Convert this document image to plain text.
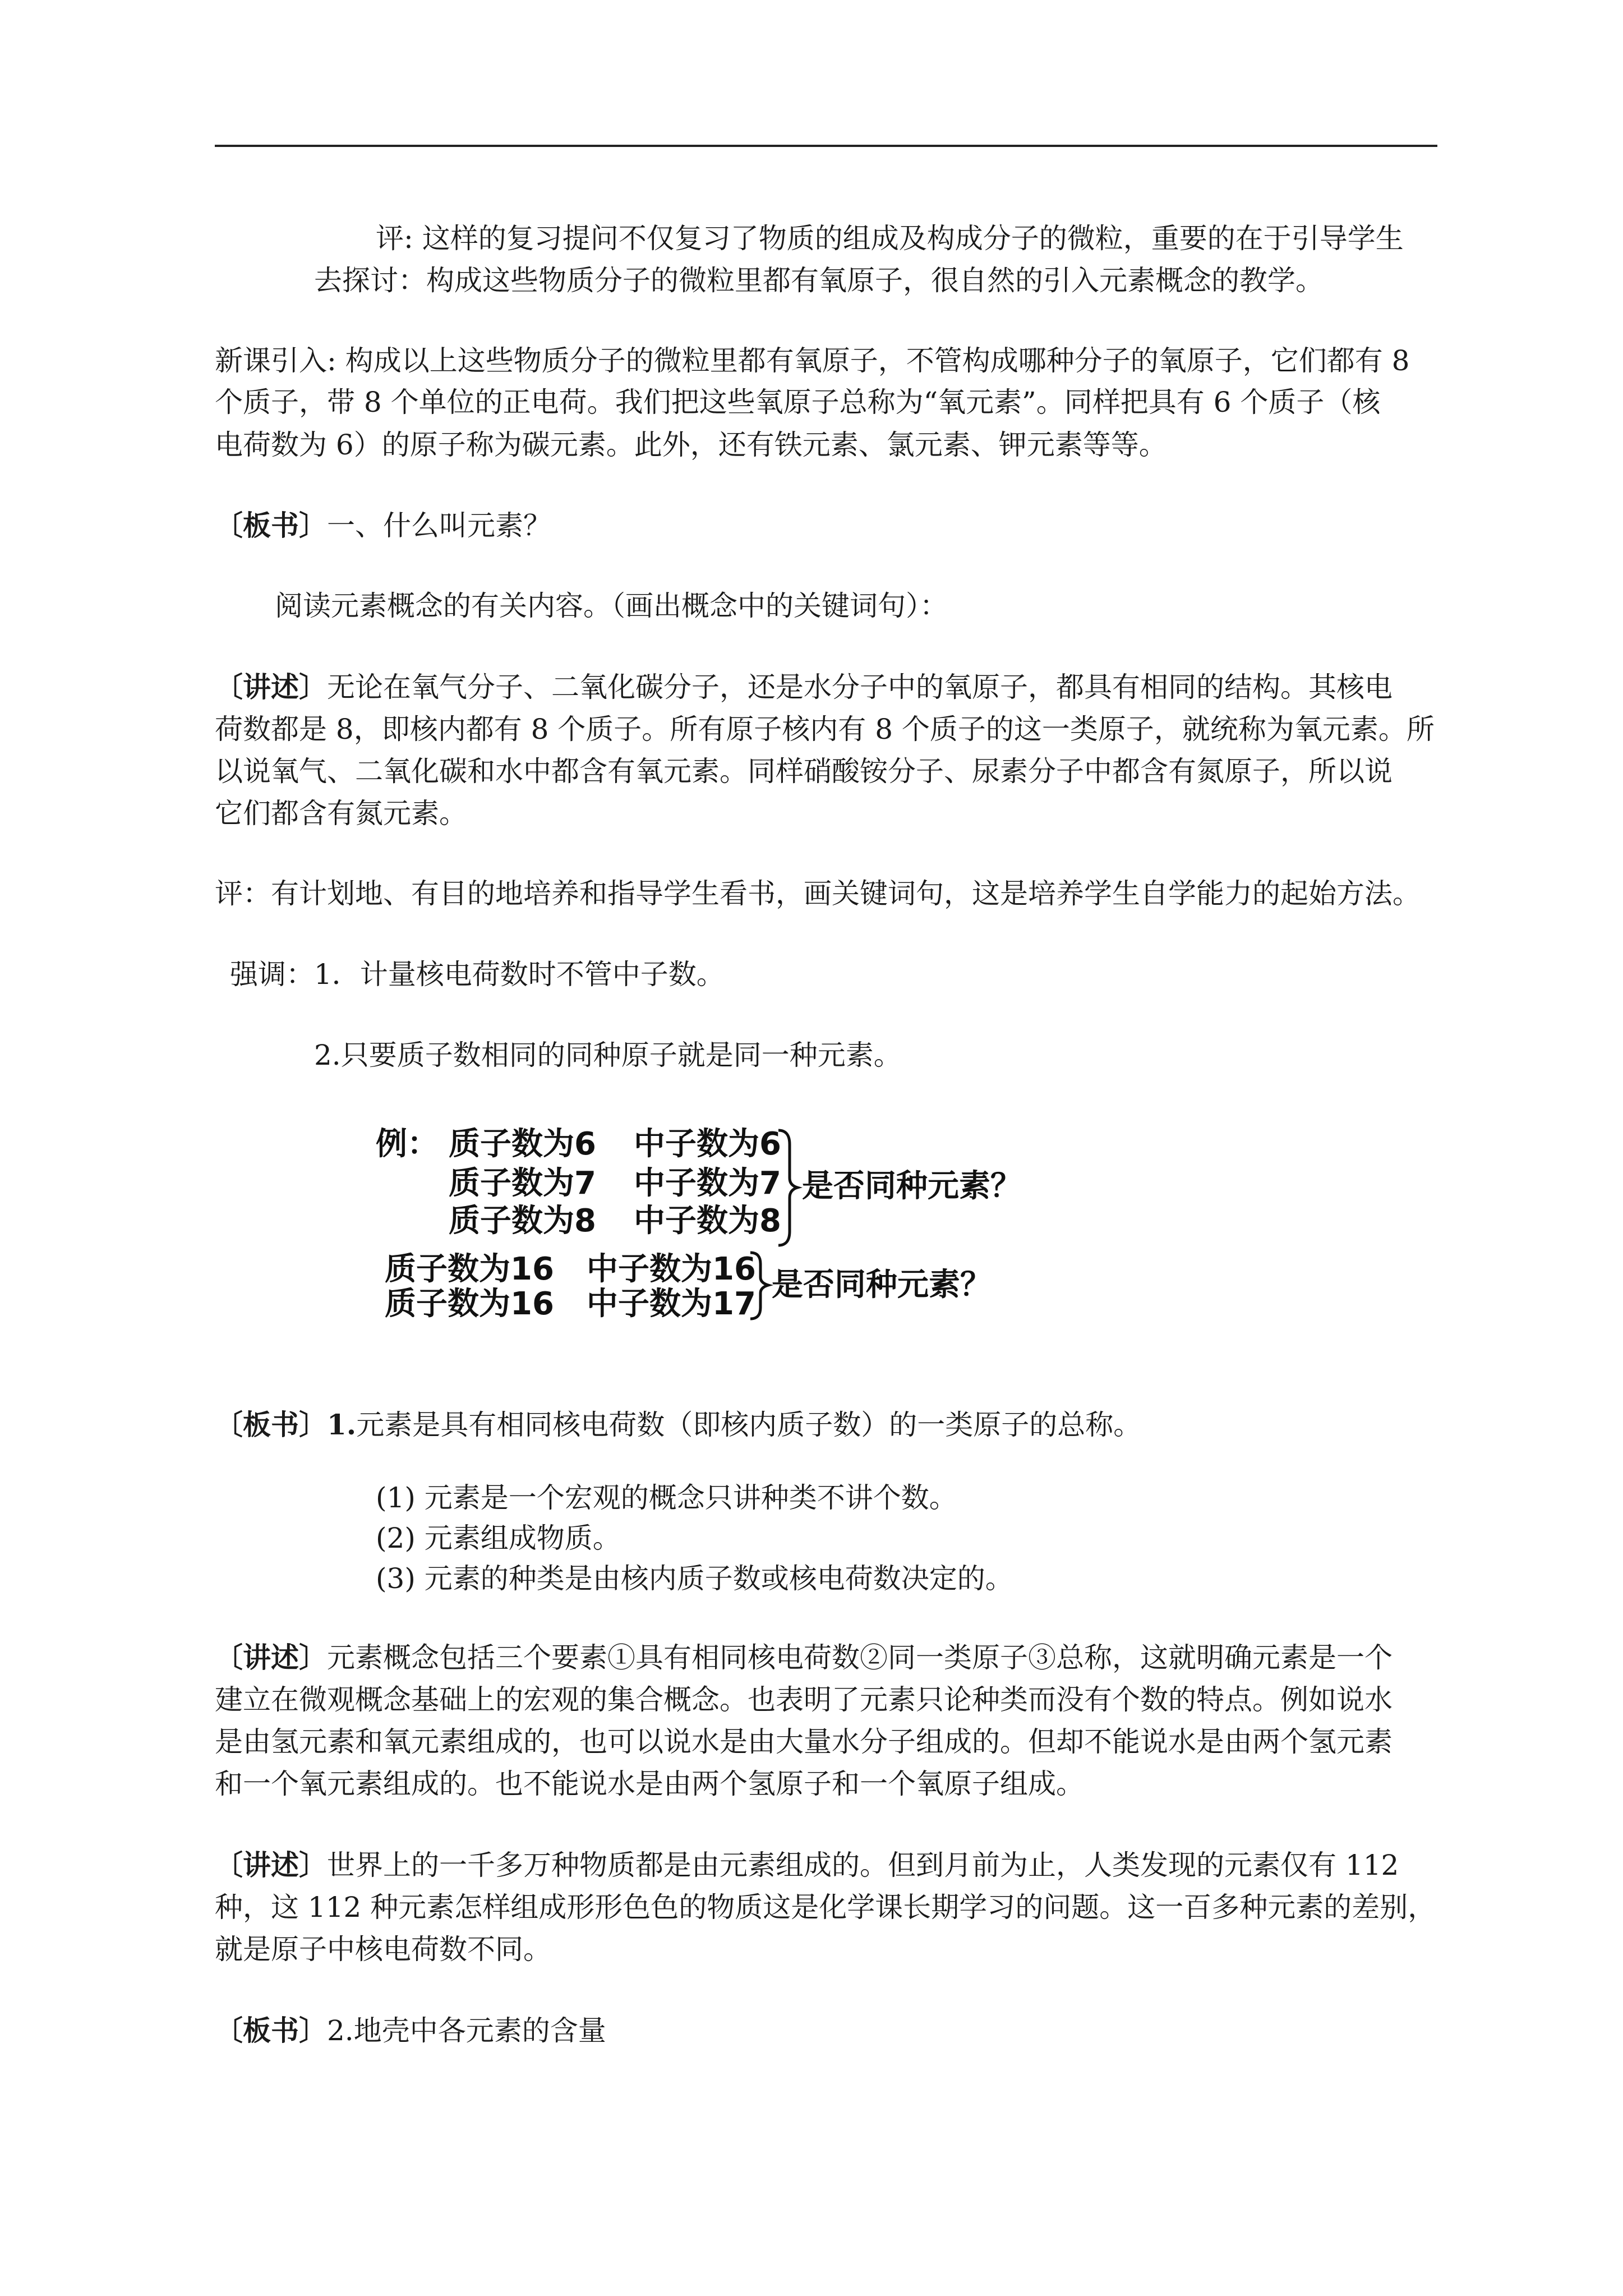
评: 这样的复习提问不仅复习了物质的组成及构成分子的微粒，重要的在于引导学生

去探讨：构成这些物质分子的微粒里都有氧原子，很自然的引入元素概念的教学。

新课引入: 构成以上这些物质分子的微粒里都有氧原子，不管构成哪种分子的氧原子，它们都有 8

个质子，带 8 个单位的正电荷。我们把这些氧原子总称为“氧元素”。同样把具有 6 个质子（核

电荷数为 6）的原子称为碳元素。此外，还有铁元素、氯元素、钾元素等等。

〔板书〕一、什么叫元素？

阅读元素概念的有关内容。（画出概念中的关键词句）：

〔讲述〕无论在氧气分子、二氧化碳分子，还是水分子中的氧原子，都具有相同的结构。其核电

荷数都是 8，即核内都有 8 个质子。所有原子核内有 8 个质子的这一类原子，就统称为氧元素。所

以说氧气、二氧化碳和水中都含有氧元素。同样硝酸铵分子、尿素分子中都含有氮原子，所以说

它们都含有氮元素。

评：有计划地、有目的地培养和指导学生看书，画关键词句，这是培养学生自学能力的起始方法。

强调：1．计量核电荷数时不管中子数。

2.只要质子数相同的同种原子就是同一种元素。

例： 质子数为6 中子数为6
质子数为7 中子数为7
质子数为8 中子数为8
是否同种元素？
质子数为16 中子数为16
质子数为16 中子数为17
是否同种元素？

〔板书〕1.元素是具有相同核电荷数（即核内质子数）的一类原子的总称。

(1) 元素是一个宏观的概念只讲种类不讲个数。
(2) 元素组成物质。
(3) 元素的种类是由核内质子数或核电荷数决定的。

〔讲述〕元素概念包括三个要素①具有相同核电荷数②同一类原子③总称，这就明确元素是一个

建立在微观概念基础上的宏观的集合概念。也表明了元素只论种类而没有个数的特点。例如说水

是由氢元素和氧元素组成的，也可以说水是由大量水分子组成的。但却不能说水是由两个氢元素

和一个氧元素组成的。也不能说水是由两个氢原子和一个氧原子组成。

〔讲述〕世界上的一千多万种物质都是由元素组成的。但到月前为止，人类发现的元素仅有 112

种，这 112 种元素怎样组成形形色色的物质这是化学课长期学习的问题。这一百多种元素的差别，

就是原子中核电荷数不同。

〔板书〕2.地壳中各元素的含量
